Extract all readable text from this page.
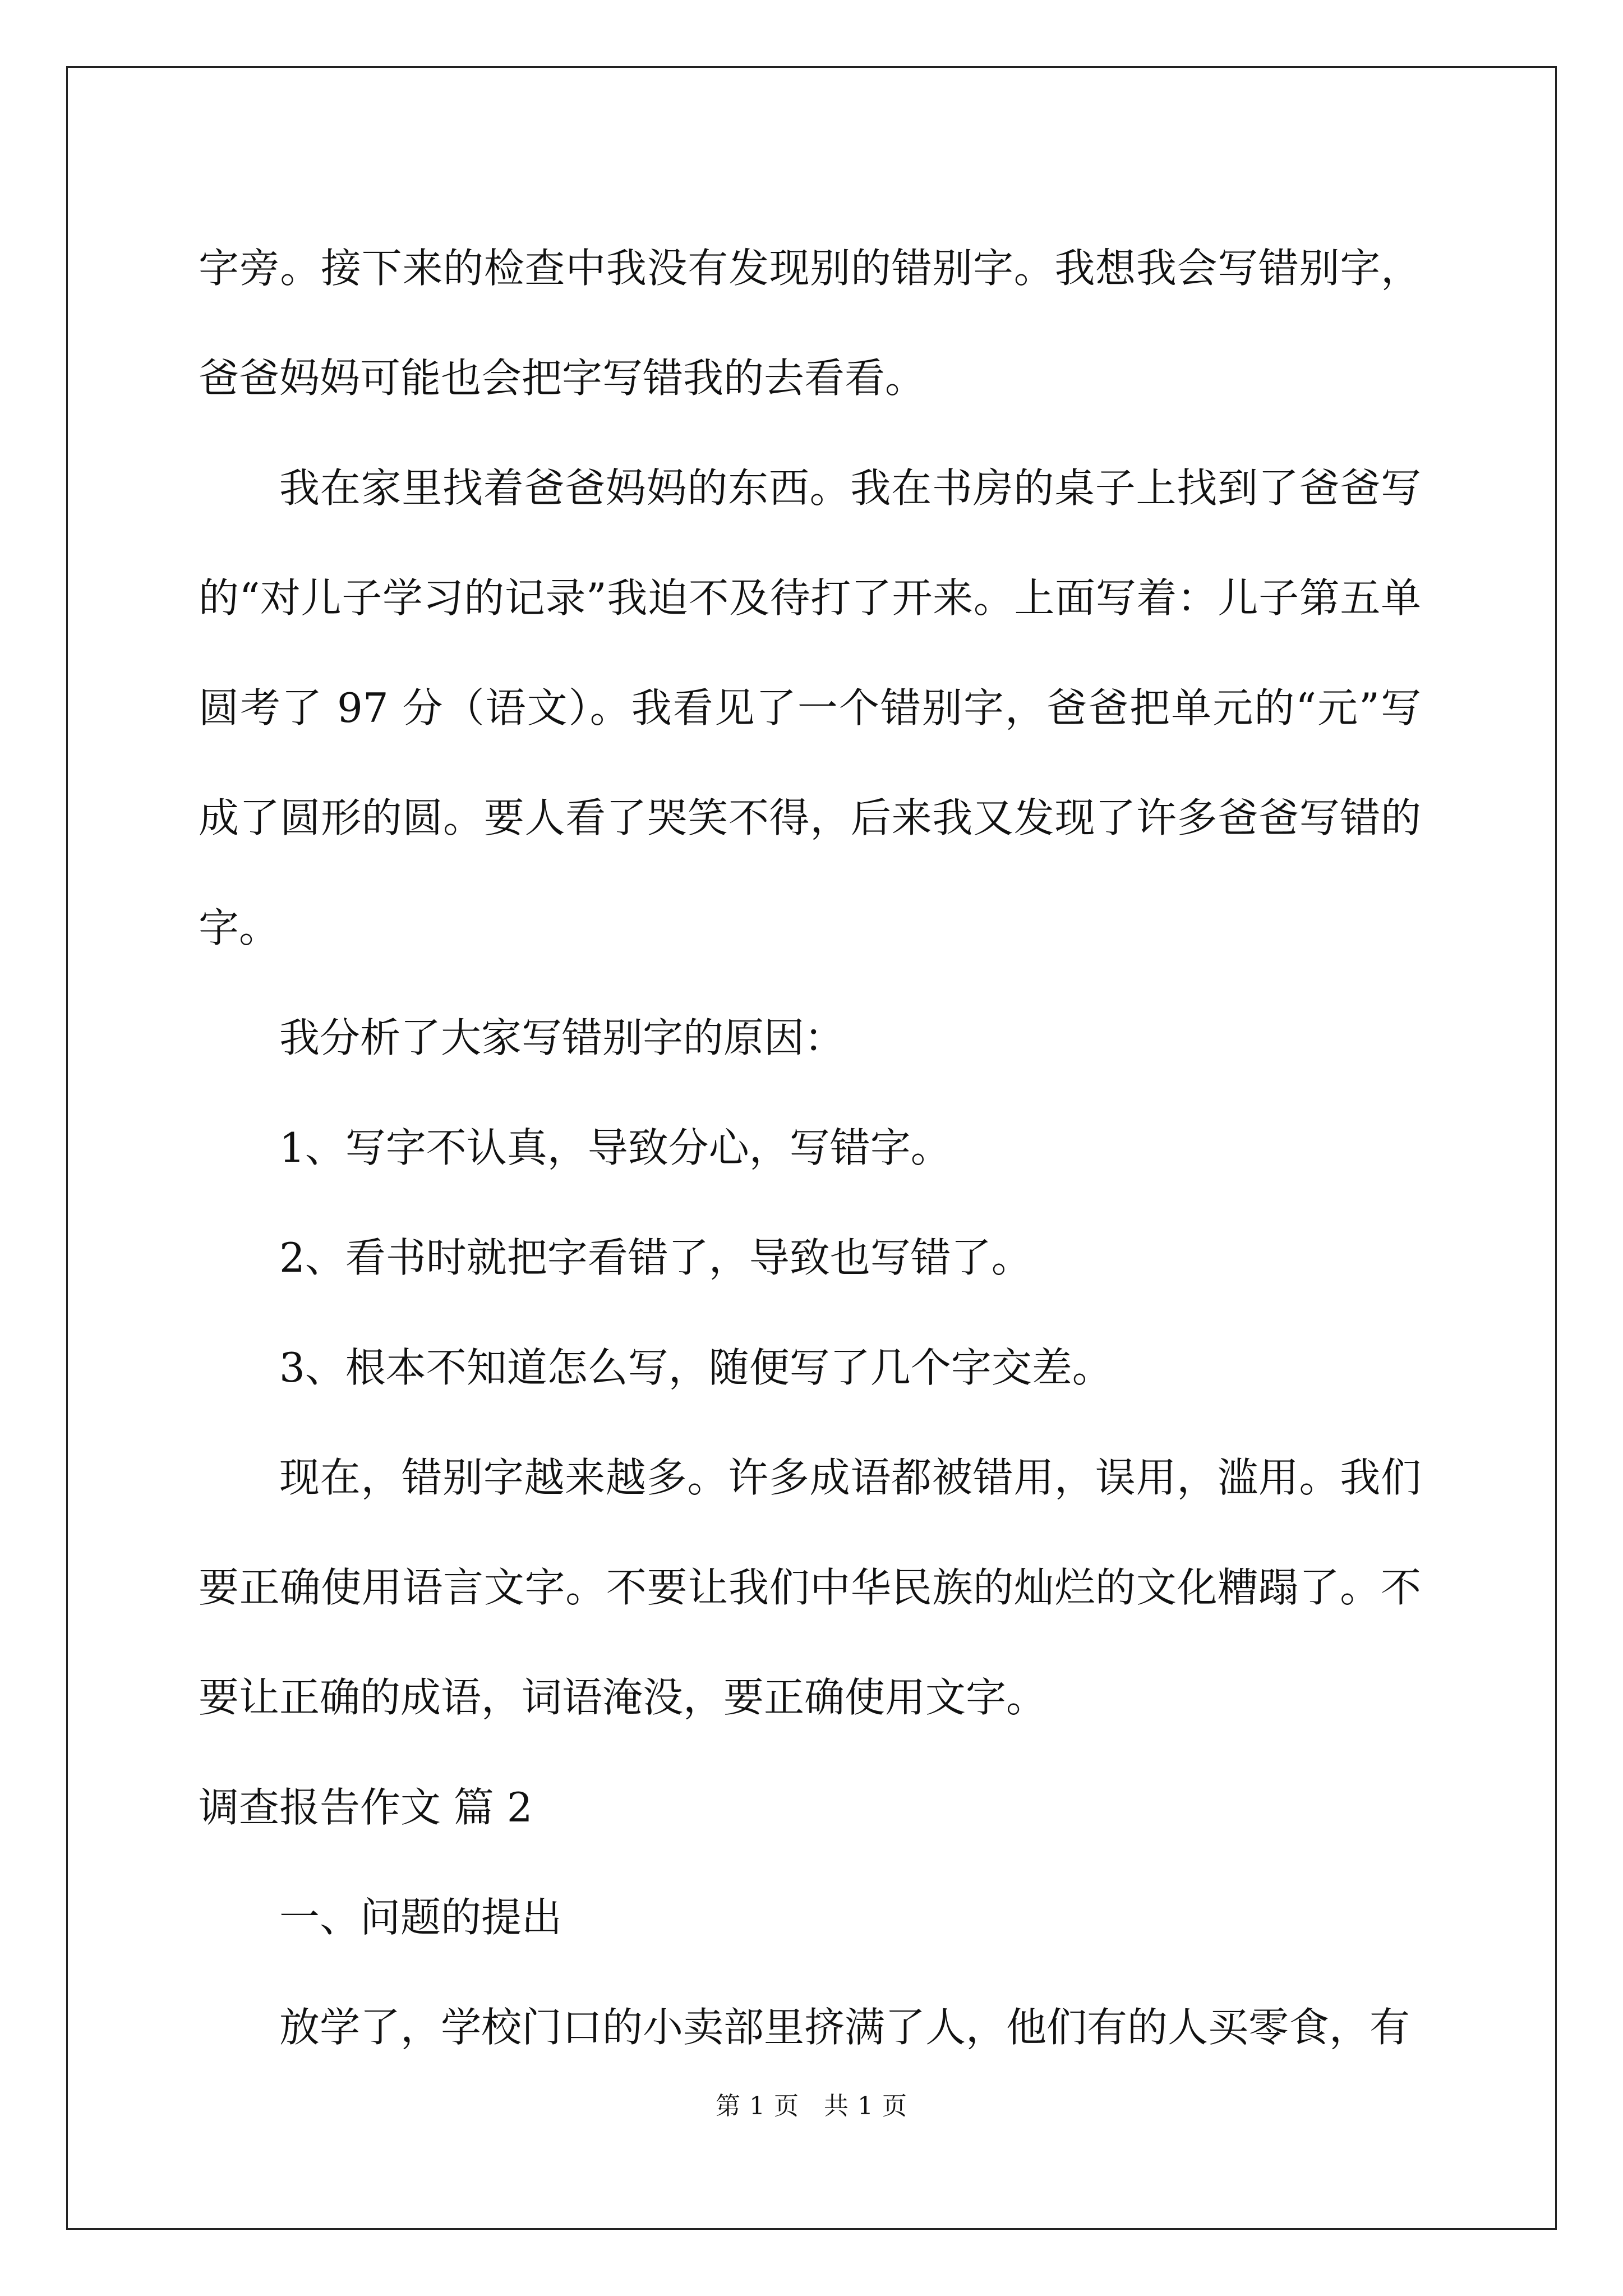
字旁。接下来的检查中我没有发现别的错别字。我想我会写错别字，爸爸妈妈可能也会把字写错我的去看看。

我在家里找着爸爸妈妈的东西。我在书房的桌子上找到了爸爸写的“对儿子学习的记录”我迫不及待打了开来。上面写着：儿子第五单圆考了 97 分（语文）。我看见了一个错别字，爸爸把单元的“元”写成了圆形的圆。要人看了哭笑不得，后来我又发现了许多爸爸写错的字。

我分析了大家写错别字的原因：

1、写字不认真，导致分心，写错字。

2、看书时就把字看错了，导致也写错了。

3、根本不知道怎么写，随便写了几个字交差。

现在，错别字越来越多。许多成语都被错用，误用，滥用。我们要正确使用语言文字。不要让我们中华民族的灿烂的文化糟蹋了。不要让正确的成语，词语淹没，要正确使用文字。

调查报告作文 篇 2

一、问题的提出

放学了，学校门口的小卖部里挤满了人，他们有的人买零食，有

第 1 页 共 1 页
